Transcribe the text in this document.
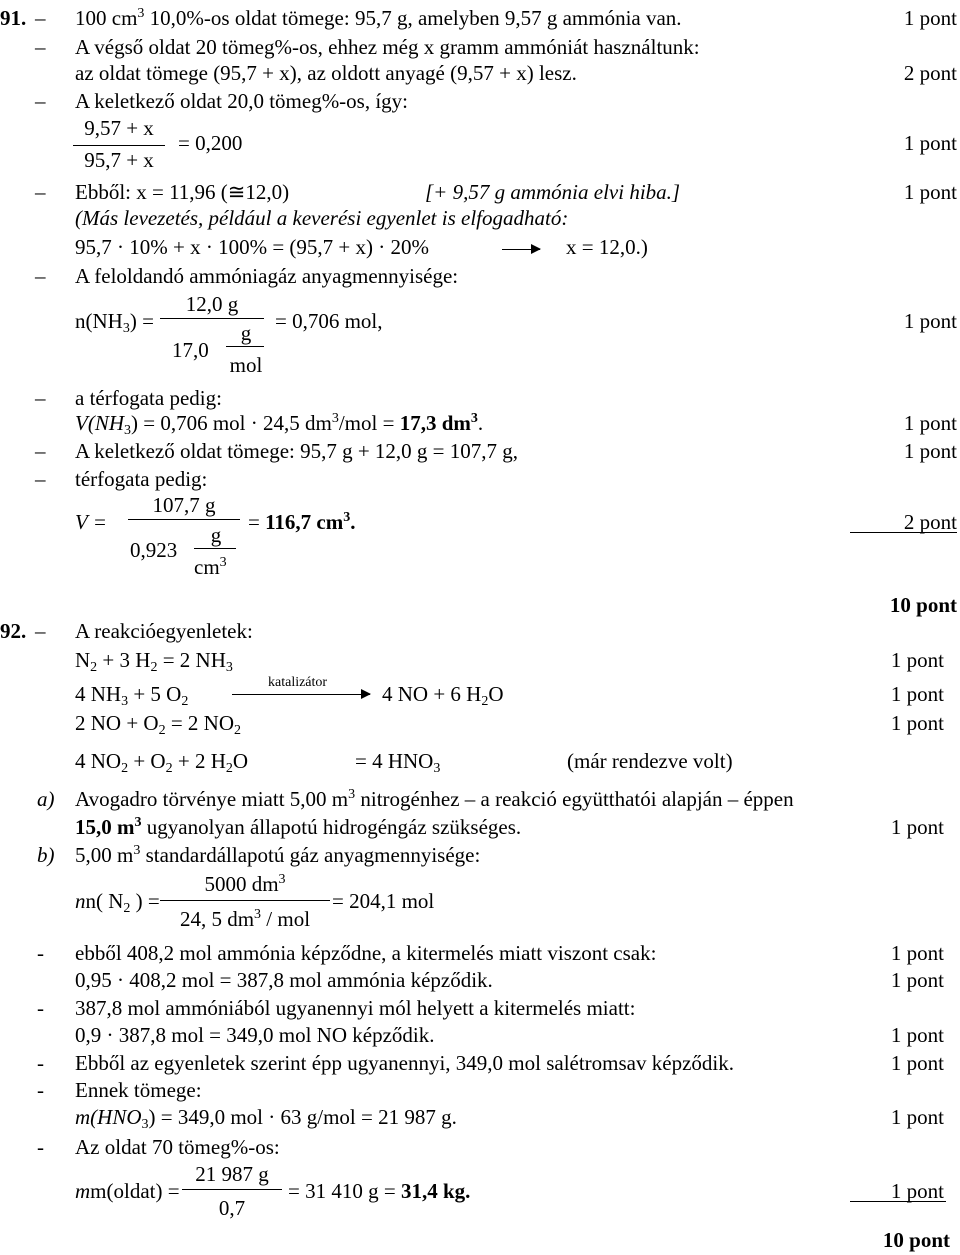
91. – 100 $cm^3$ 10,0%-os oldat tömege: 95,7 g, amelyben 9,57 g ammónia van.	1 pont
– A végső oldat 20 tömeg%-os, ehhez még x gramm ammóniát használtunk:
az oldat tömege (95,7 + x), az oldott anyagé (9,57 + x) lesz.	2 pont
– A keletkező oldat 20,0 tömeg%-os, így:
9,57 + x
95,7 + x
= 0,200	1 pont
– Ebből: x = 11,96 (≅12,0)	[+ 9,57 g ammónia elvi hiba.]	1 pont
(Más levezetés, például a keverési egyenlet is elfogadható:
95,7 · 10% + x · 100% = (95,7 + x) · 20%	x = 12,0.)
– A feloldandó ammóniagáz anyagmennyisége:
$n(NH_3)$ =
12,0 g
17,0
g
mol
= 0,706 mol,	1 pont
– a térfogata pedig:
$V(NH_3) = 0,706$ mol · 24,5 $dm^3$/mol = 17,3 $dm^3$.	1 pont
– A keletkező oldat tömege: 95,7 g + 12,0 g = 107,7 g,	1 pont
– térfogata pedig:
V =
107,7 g
0,923
g
$cm^3$
= 116,7 $cm^3$.	2 pont
10 pont
92. – A reakcióegyenletek:
$N_2 + 3$ $H_2 = 2$ $NH_3$	1 pont
4 $NH_3 + 5$ $O_2$
katalizátor	4 NO + 6 $H_2O$	1 pont
2 NO + $O_2 = 2$ $NO_2$	1 pont
4 $NO_2 + O_2 + 2$ $H_2O$	= 4 $HNO_3$	(már rendezve volt)
a) Avogadro törvénye miatt 5,00 $m^3$ nitrogénhez – a reakció együtthatói alapján – éppen
15,0 $m^3$ ugyanolyan állapotú hidrogéngáz szükséges.	1 pont
b) 5,00 $m^3$ standardállapotú gáz anyagmennyisége:
nn( $N_2$ ) =
5000 $dm^3$
24, 5 $dm^3$ / mol
= 204,1 mol
- ebből 408,2 mol ammónia képződne, a kitermelés miatt viszont csak:	1 pont
0,95 · 408,2 mol = 387,8 mol ammónia képződik.	1 pont
- 387,8 mol ammóniából ugyanennyi mól helyett a kitermelés miatt:
0,9 · 387,8 mol = 349,0 mol NO képződik.	1 pont
- Ebből az egyenletek szerint épp ugyanennyi, 349,0 mol salétromsav képződik.	1 pont
- Ennek tömege:
$m(HNO_3) = 349,0$ mol · 63 g/mol = 21 987 g.	1 pont
- Az oldat 70 tömeg%-os:
mm(oldat) =
21 987 g
0,7
= 31 410 g = 31,4 kg.	1 pont
10 pont
